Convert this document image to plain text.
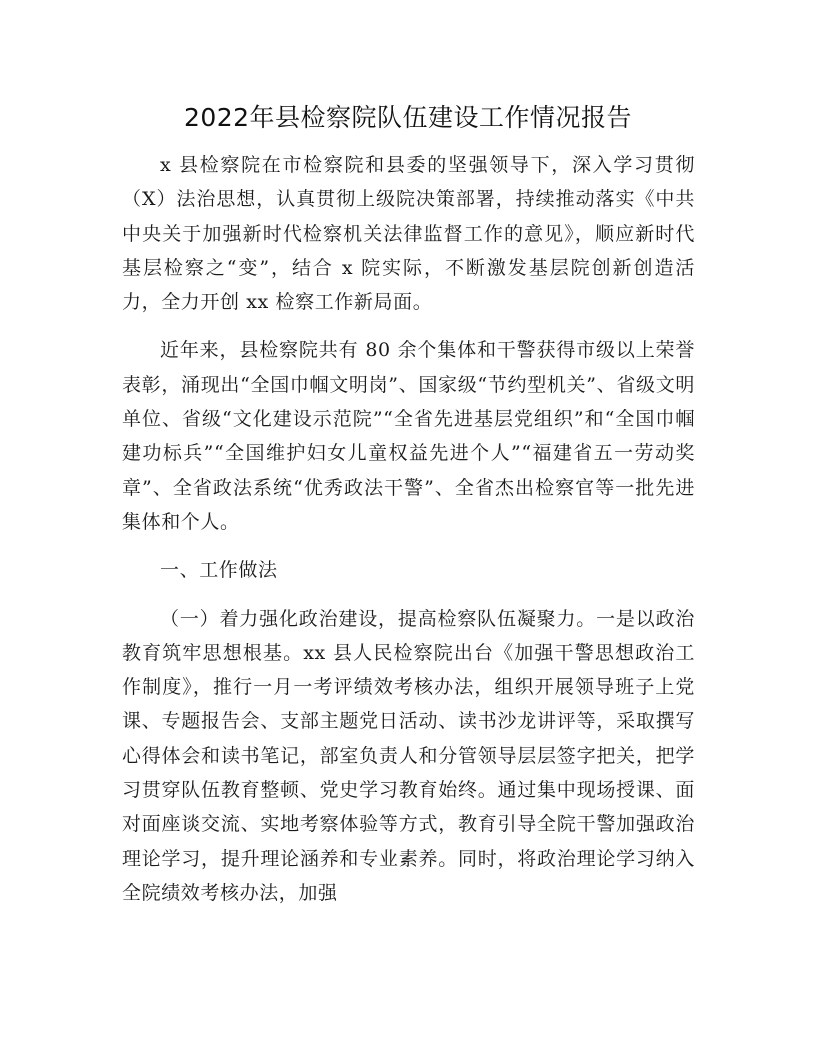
2022年县检察院队伍建设工作情况报告

x 县检察院在市检察院和县委的坚强领导下，深入学习贯彻（X）法治思想，认真贯彻上级院决策部署，持续推动落实《中共中央关于加强新时代检察机关法律监督工作的意见》，顺应新时代基层检察之“变”，结合 x 院实际，不断激发基层院创新创造活力，全力开创 xx 检察工作新局面。

近年来，县检察院共有 80 余个集体和干警获得市级以上荣誉表彰，涌现出“全国巾帼文明岗”、国家级“节约型机关”、省级文明单位、省级“文化建设示范院”“全省先进基层党组织”和“全国巾帼建功标兵”“全国维护妇女儿童权益先进个人”“福建省五一劳动奖章”、全省政法系统“优秀政法干警”、全省杰出检察官等一批先进集体和个人。

一、工作做法

（一）着力强化政治建设，提高检察队伍凝聚力。一是以政治教育筑牢思想根基。xx 县人民检察院出台《加强干警思想政治工作制度》，推行一月一考评绩效考核办法，组织开展领导班子上党课、专题报告会、支部主题党日活动、读书沙龙讲评等，采取撰写心得体会和读书笔记，部室负责人和分管领导层层签字把关，把学习贯穿队伍教育整顿、党史学习教育始终。通过集中现场授课、面对面座谈交流、实地考察体验等方式，教育引导全院干警加强政治理论学习，提升理论涵养和专业素养。同时，将政治理论学习纳入全院绩效考核办法，加强
